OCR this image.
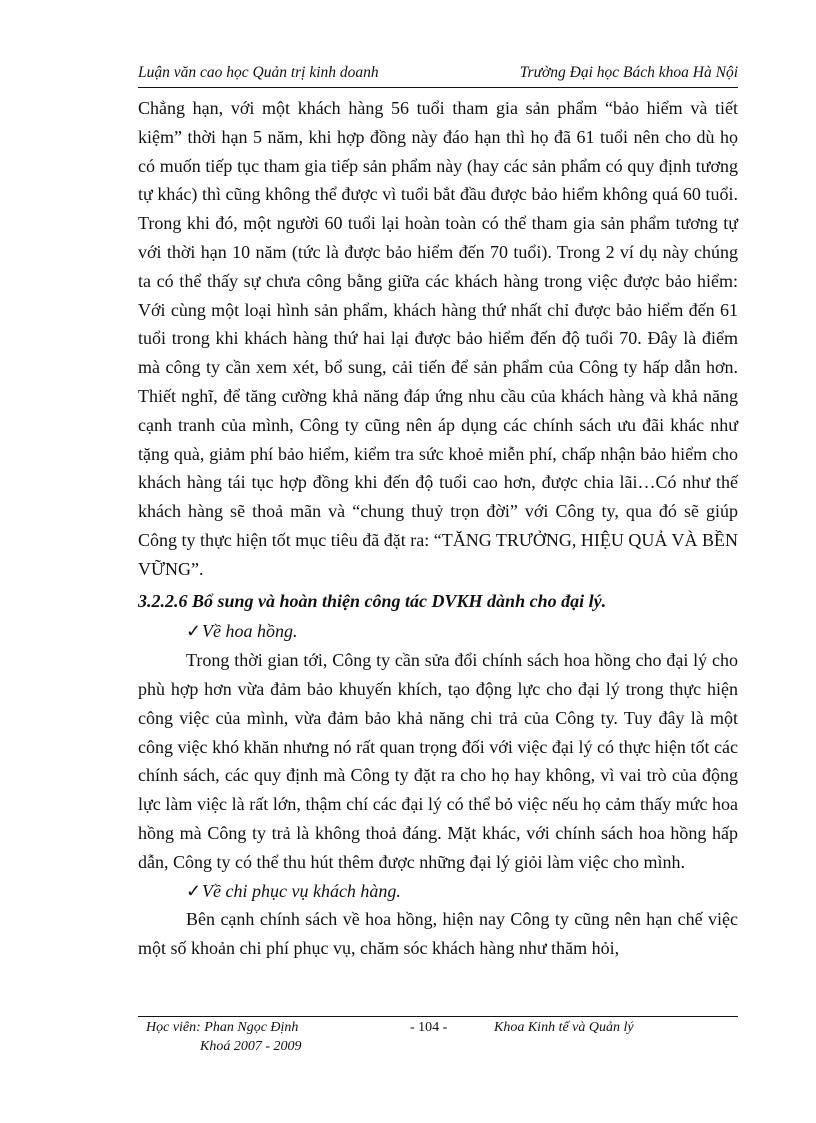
Luận văn cao học Quản trị kinh doanh	Trường Đại học Bách khoa Hà Nội

Chẳng hạn, với một khách hàng 56 tuổi tham gia sản phẩm “bảo hiểm và tiết kiệm” thời hạn 5 năm, khi hợp đồng này đáo hạn thì họ đã 61 tuổi nên cho dù họ có muốn tiếp tục tham gia tiếp sản phẩm này (hay các sản phẩm có quy định tương tự khác) thì cũng không thể được vì tuổi bắt đầu được bảo hiểm không quá 60 tuổi. Trong khi đó, một người 60 tuổi lại hoàn toàn có thể tham gia sản phẩm tương tự với thời hạn 10 năm (tức là được bảo hiểm đến 70 tuổi). Trong 2 ví dụ này chúng ta có thể thấy sự chưa công bằng giữa các khách hàng trong việc được bảo hiểm: Với cùng một loại hình sản phẩm, khách hàng thứ nhất chỉ được bảo hiểm đến 61 tuổi trong khi khách hàng thứ hai lại được bảo hiểm đến độ tuổi 70. Đây là điểm mà công ty cần xem xét, bổ sung, cải tiến để sản phẩm của Công ty hấp dẫn hơn. Thiết nghĩ, để tăng cường khả năng đáp ứng nhu cầu của khách hàng và khả năng cạnh tranh của mình, Công ty cũng nên áp dụng các chính sách ưu đãi khác như tặng quà, giảm phí bảo hiểm, kiểm tra sức khoẻ miễn phí, chấp nhận bảo hiểm cho khách hàng tái tục hợp đồng khi đến độ tuổi cao hơn, được chia lãi…Có như thế khách hàng sẽ thoả mãn và “chung thuỷ trọn đời” với Công ty, qua đó sẽ giúp Công ty thực hiện tốt mục tiêu đã đặt ra: “TĂNG TRƯỞNG, HIỆU QUẢ VÀ BỀN VỮNG”.

3.2.2.6 Bổ sung và hoàn thiện công tác DVKH dành cho đại lý.
✓Về hoa hồng.

Trong thời gian tới, Công ty cần sửa đổi chính sách hoa hồng cho đại lý cho phù hợp hơn vừa đảm bảo khuyến khích, tạo động lực cho đại lý trong thực hiện công việc của mình, vừa đảm bảo khả năng chi trả của Công ty. Tuy đây là một công việc khó khăn nhưng nó rất quan trọng đối với việc đại lý có thực hiện tốt các chính sách, các quy định mà Công ty đặt ra cho họ hay không, vì vai trò của động lực làm việc là rất lớn, thậm chí các đại lý có thể bỏ việc nếu họ cảm thấy mức hoa hồng mà Công ty trả là không thoả đáng. Mặt khác, với chính sách hoa hồng hấp dẫn, Công ty có thể thu hút thêm được những đại lý giỏi làm việc cho mình.

✓Về chi phục vụ khách hàng.

Bên cạnh chính sách về hoa hồng, hiện nay Công ty cũng nên hạn chế việc một số khoản chi phí phục vụ, chăm sóc khách hàng như thăm hỏi,

Học viên: Phan Ngọc Định
Khoá 2007 - 2009
- 104 -	Khoa Kinh tế và Quản lý
